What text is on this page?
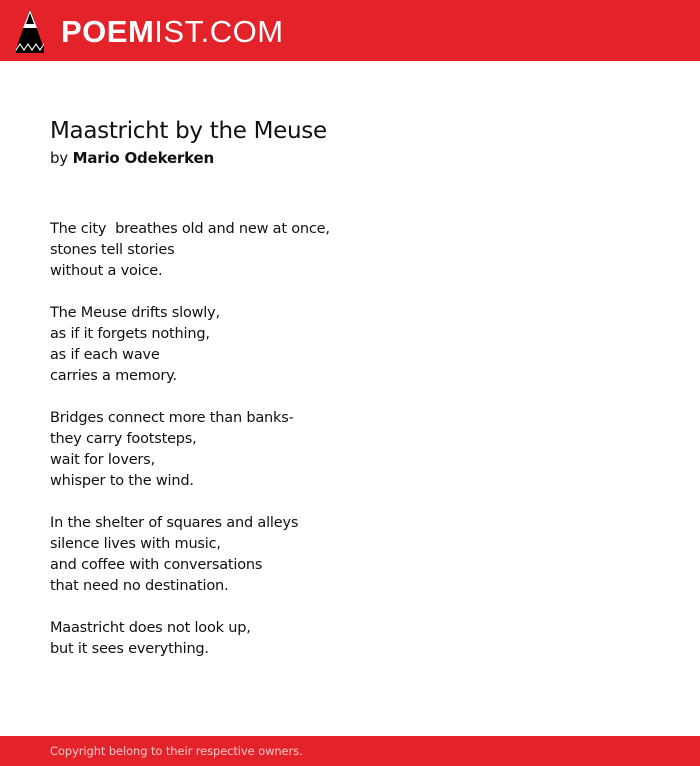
POEMIST.COM
Maastricht by the Meuse
by Mario Odekerken
The city  breathes old and new at once,
stones tell stories
without a voice.
The Meuse drifts slowly,
as if it forgets nothing,
as if each wave
carries a memory.
Bridges connect more than banks-
they carry footsteps,
wait for lovers,
whisper to the wind.
In the shelter of squares and alleys
silence lives with music,
and coffee with conversations
that need no destination.
Maastricht does not look up,
but it sees everything.
Copyright belong to their respective owners.
